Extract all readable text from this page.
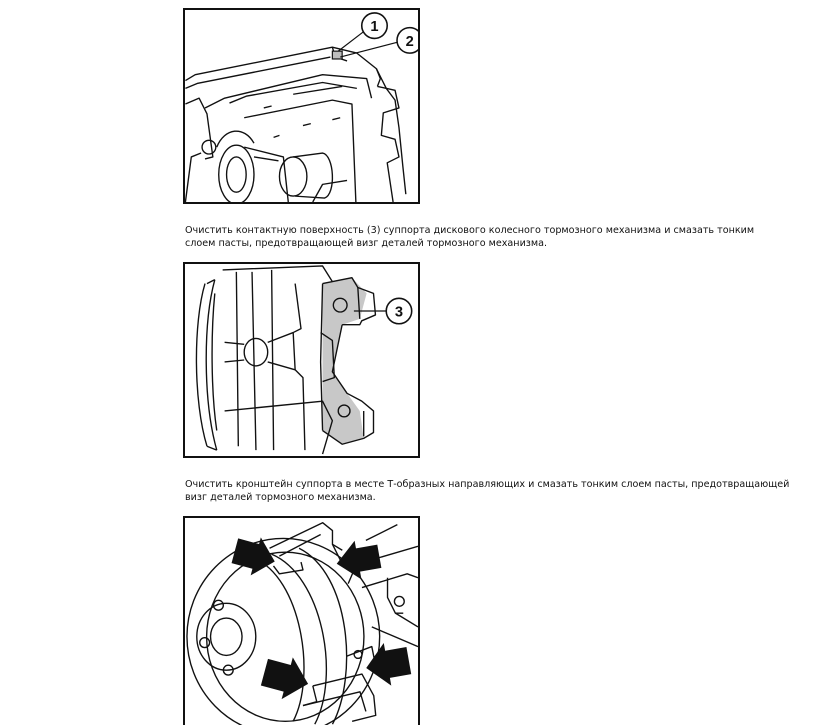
1
2

Очистить контактную поверхность (3) суппорта дискового колесного тормозного механизма и смазать тонким слоем пасты, предотвращающей визг деталей тормозного механизма.

3

Очистить кронштейн суппорта в месте Т-образных направляющих и смазать тонким слоем пасты, предотвращающей визг деталей тормозного механизма.
